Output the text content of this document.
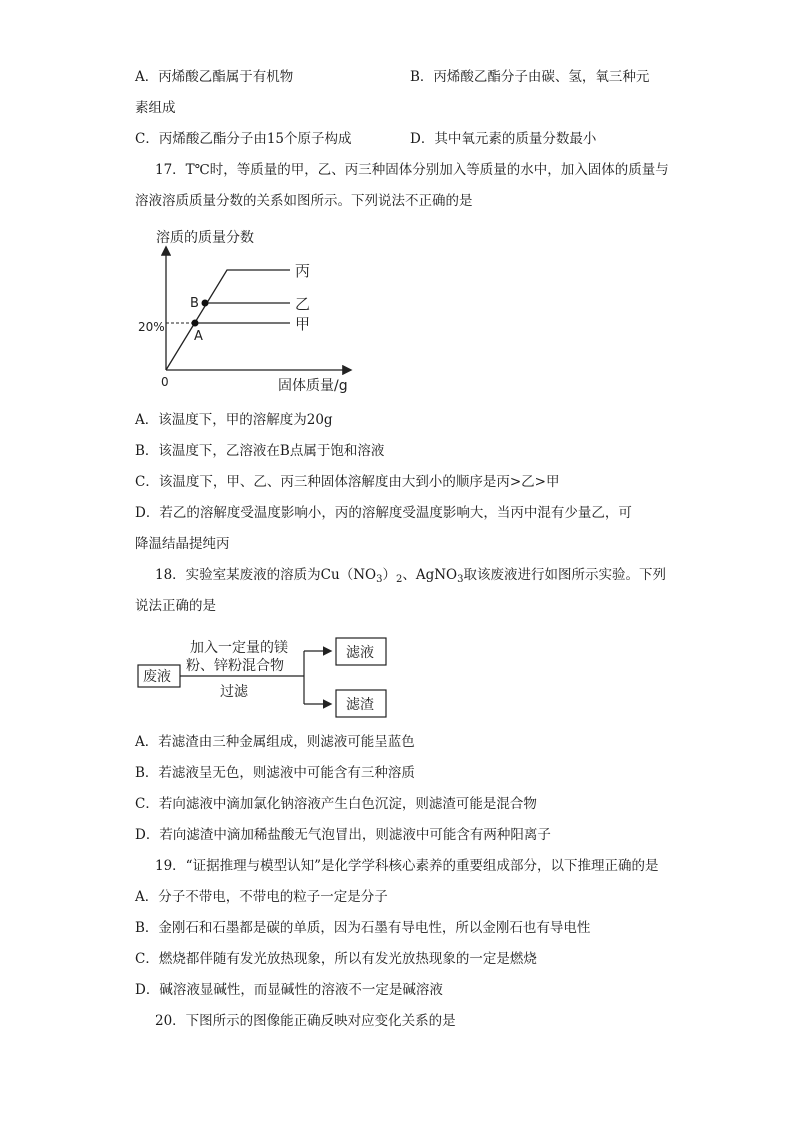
A．丙烯酸乙酯属于有机物	B．丙烯酸乙酯分子由碳、氢，氧三种元
素组成
C．丙烯酸乙酯分子由15个原子构成	D．其中氧元素的质量分数最小
17．T℃时，等质量的甲，乙、丙三种固体分别加入等质量的水中，加入固体的质量与
溶液溶质质量分数的关系如图所示。下列说法不正确的是
溶质的质量分数
固体质量/g
0
20%
A
B
丙
乙
甲
A．该温度下，甲的溶解度为20g
B．该温度下，乙溶液在B点属于饱和溶液
C．该温度下，甲、乙、丙三种固体溶解度由大到小的顺序是丙>乙>甲
D．若乙的溶解度受温度影响小，丙的溶解度受温度影响大，当丙中混有少量乙，可
降温结晶提纯丙
18．实验室某废液的溶质为$Cu(NO_3)_2$、AgNO$_3$取该废液进行如图所示实验。下列
说法正确的是
废液
加入一定量的镁
粉、锌粉混合物
过滤
滤液
滤渣
A．若滤渣由三种金属组成，则滤液可能呈蓝色
B．若滤液呈无色，则滤液中可能含有三种溶质
C．若向滤液中滴加氯化钠溶液产生白色沉淀，则滤渣可能是混合物
D．若向滤渣中滴加稀盐酸无气泡冒出，则滤液中可能含有两种阳离子
19．“证据推理与模型认知”是化学学科核心素养的重要组成部分，以下推理正确的是
A．分子不带电，不带电的粒子一定是分子
B．金刚石和石墨都是碳的单质，因为石墨有导电性，所以金刚石也有导电性
C．燃烧都伴随有发光放热现象，所以有发光放热现象的一定是燃烧
D．碱溶液显碱性，而显碱性的溶液不一定是碱溶液
20．下图所示的图像能正确反映对应变化关系的是
